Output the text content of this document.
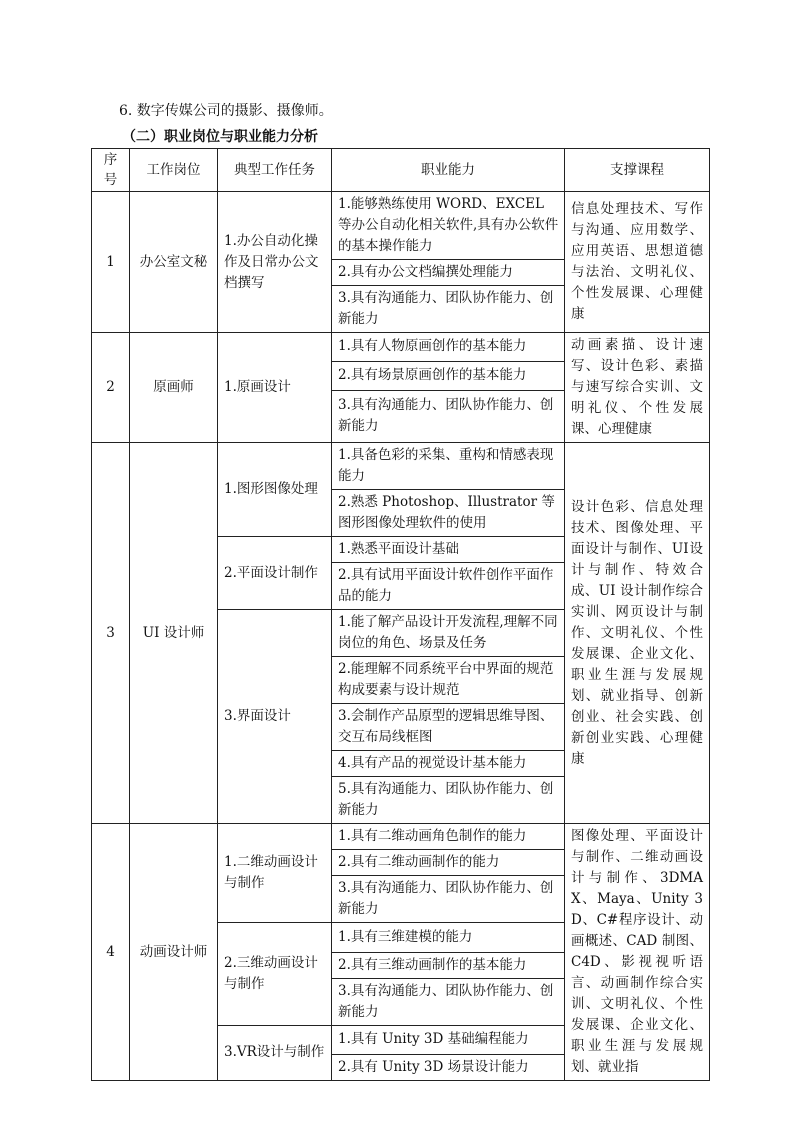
6. 数字传媒公司的摄影、摄像师。
（二）职业岗位与职业能力分析
序号	工作岗位	典型工作任务	职业能力	支撑课程
1	办公室文秘	1.办公自动化操作及日常办公文档撰写	1.能够熟练使用 WORD、EXCEL 等办公自动化相关软件,具有办公软件的基本操作能力	信息处理技术、写作与沟通、应用数学、应用英语、思想道德与法治、文明礼仪、个性发展课、心理健康
			2.具有办公文档编撰处理能力	
			3.具有沟通能力、团队协作能力、创新能力	
2	原画师	1.原画设计	1.具有人物原画创作的基本能力	动画素描、设计速写、设计色彩、素描与速写综合实训、文明礼仪、个性发展课、心理健康
			2.具有场景原画创作的基本能力	
			3.具有沟通能力、团队协作能力、创新能力	
3	UI 设计师	1.图形图像处理	1.具备色彩的采集、重构和情感表现能力	设计色彩、信息处理技术、图像处理、平面设计与制作、UI设计与制作、特效合成、UI 设计制作综合实训、网页设计与制作、文明礼仪、个性发展课、企业文化、职业生涯与发展规划、就业指导、创新创业、社会实践、创新创业实践、心理健康
			2.熟悉 Photoshop、Illustrator 等图形图像处理软件的使用	
		2.平面设计制作	1.熟悉平面设计基础	
			2.具有试用平面设计软件创作平面作品的能力	
		3.界面设计	1.能了解产品设计开发流程,理解不同岗位的角色、场景及任务	
			2.能理解不同系统平台中界面的规范构成要素与设计规范	
			3.会制作产品原型的逻辑思维导图、交互布局线框图	
			4.具有产品的视觉设计基本能力	
			5.具有沟通能力、团队协作能力、创新能力	
4	动画设计师	1.二维动画设计与制作	1.具有二维动画角色制作的能力	图像处理、平面设计与制作、二维动画设计与制作、3DMAX、Maya、Unity 3D、C#程序设计、动画概述、CAD 制图、C4D、影视视听语言、动画制作综合实训、文明礼仪、个性发展课、企业文化、职业生涯与发展规划、就业指
			2.具有二维动画制作的能力	
			3.具有沟通能力、团队协作能力、创新能力	
		2.三维动画设计与制作	1.具有三维建模的能力	
			2.具有三维动画制作的基本能力	
			3.具有沟通能力、团队协作能力、创新能力	
		3.VR设计与制作	1.具有 Unity 3D 基础编程能力	
			2.具有 Unity 3D 场景设计能力	
